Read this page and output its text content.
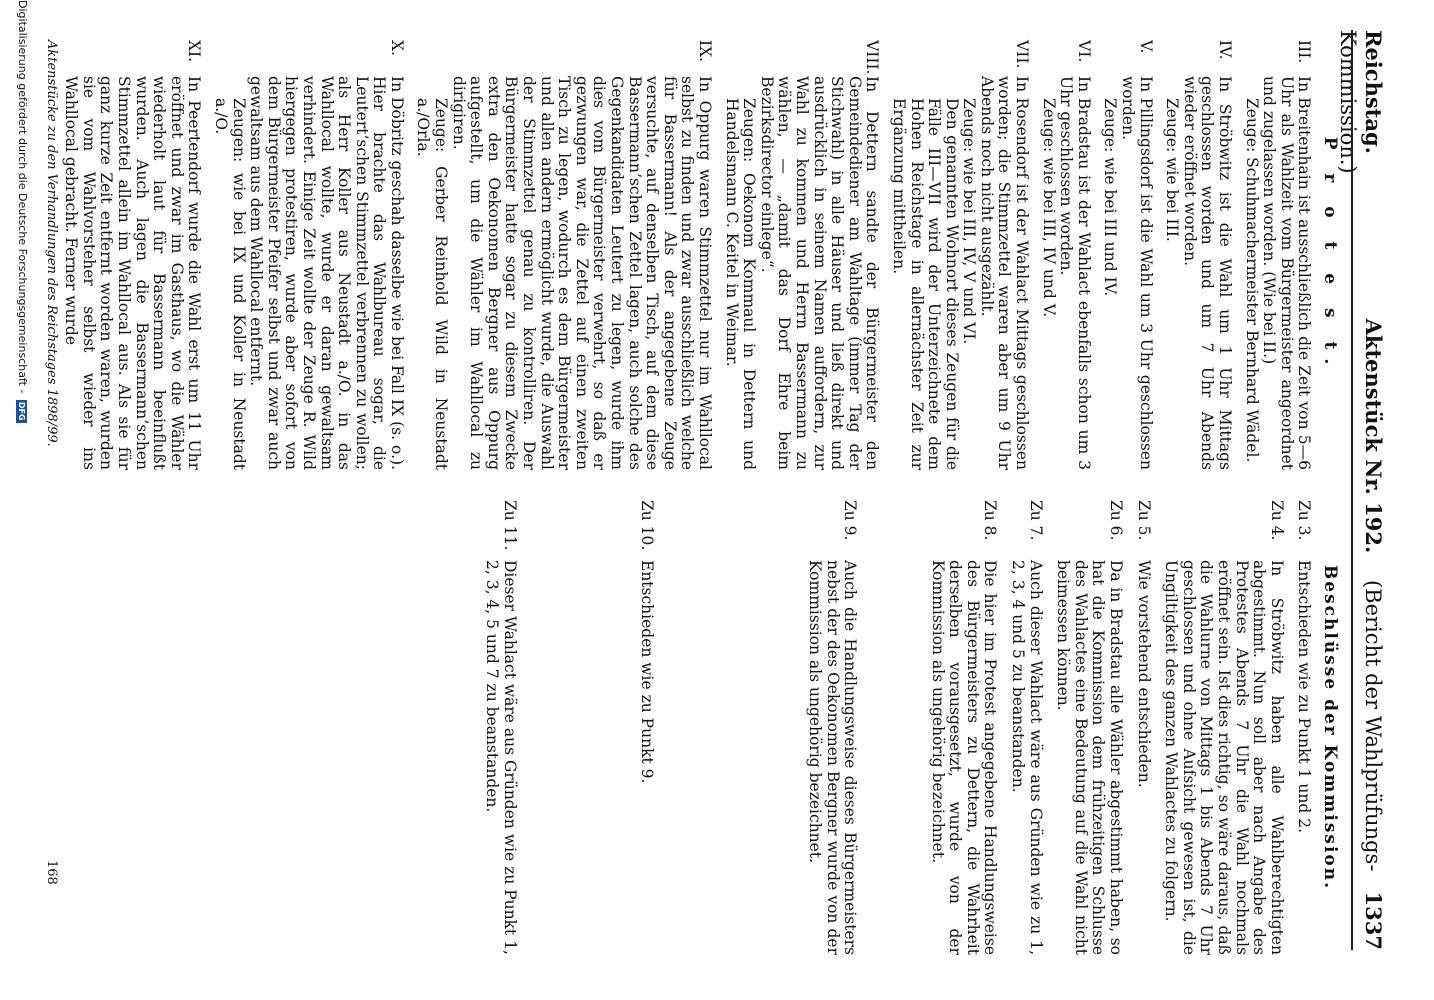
Reichstag.  Aktenstück Nr. 192.  (Bericht der Wahlprüfungs-Kommission.)
1337
P r o t e s t.
III.
In Breitenhain ist ausschließlich die Zeit von 5—6 Uhr als Wahlzeit vom Bürgermeister angeordnet und zugelassen worden. (Wie bei II.)
Zeuge: Schuhmachermeister Bernhard Wädel.
IV.
In Ströbwitz ist die Wahl um 1 Uhr Mittags geschlossen worden und um 7 Uhr Abends wieder eröffnet worden.
Zeuge: wie bei III.
V.
In Pillingsdorf ist die Wahl um 3 Uhr geschlossen worden.
Zeuge: wie bei III und IV.
VI.
In Bradstau ist der Wahlact ebenfalls schon um 3 Uhr geschlossen worden.
Zeuge: wie bei III, IV und V.
VII.
In Rosendorf ist der Wahlact Mittags geschlossen worden; die Stimmzettel waren aber um 9 Uhr Abends noch nicht ausgezählt.
Zeuge: wie bei III, IV, V und VI.
Den genannten Wohnort dieses Zeugen für die Fälle III—VII wird der Unterzeichnete dem Hohen Reichstage in allernächster Zeit zur Ergänzung mittheilen.
VIII.
In Dettern sandte der Bürgermeister den Gemeindediener am Wahltage (immer Tag der Stichwahl) in alle Häuser und ließ direkt und ausdrücklich in seinem Namen auffordern, zur Wahl zu kommen und Herrn Bassermann zu wählen, — „damit das Dorf Ehre beim Bezirksdirector einlege“.
Zeugen: Oekonom Kommaul in Dettern und Handelsmann C. Keitel in Weimar.
IX.
In Oppurg waren Stimmzettel nur im Wahllocal selbst zu finden und zwar ausschließlich welche für Bassermann! Als der angegebene Zeuge versuchte, auf denselben Tisch, auf dem diese Bassermann’schen Zettel lagen, auch solche des Gegenkandidaten Leutert zu legen, wurde ihm dies vom Bürgermeister verwehrt, so daß er gezwungen war, die Zettel auf einen zweiten Tisch zu legen, wodurch es dem Bürgermeister und allen andern ermöglicht wurde, die Auswahl der Stimmzettel genau zu kontrolliren. Der Bürgermeister hatte sogar zu diesem Zwecke extra den Oekonomen Bergner aus Oppurg aufgestellt, um die Wähler im Wahllocal zu dirigiren.
Zeuge: Gerber Reinhold Wild in Neustadt a./Orla.
X.
In Döbritz geschah dasselbe wie bei Fall IX (s. o.). Hier brachte das Wahlbureau sogar, die Leutert’schen Stimmzettel verbrennen zu wollen; als Herr Koller aus Neustadt a./O. in das Wahllocal wollte, wurde er daran gewaltsam verhindert. Einige Zeit wollte der Zeuge R. Wild hiergegen protestiren, wurde aber sofort von dem Bürgermeister Pfeifer selbst und zwar auch gewaltsam aus dem Wahllocal entfernt.
Zeugen: wie bei IX und Koller in Neustadt a./O.
XI.
In Peertendorf wurde die Wahl erst um 11 Uhr eröffnet und zwar im Gasthaus, wo die Wähler wiederholt laut für Bassermann beeinflußt wurden. Auch lagen die Bassermann’schen Stimmzettel allein im Wahllocal aus. Als sie für ganz kurze Zeit entfernt worden waren, wurden sie vom Wahlvorsteher selbst wieder ins Wahllocal gebracht. Ferner wurde
Beschlüsse der Kommission.
Zu 3.
Entschieden wie zu Punkt 1 und 2.
Zu 4.
In Ströbwitz haben alle Wahlberechtigten abgestimmt. Nun soll aber nach Angabe des Protestes Abends 7 Uhr die Wahl nochmals eröffnet sein. Ist dies richtig, so wäre daraus, daß die Wahlurne von Mittags 1 bis Abends 7 Uhr geschlossen und ohne Aufsicht gewesen ist, die Ungiltigkeit des ganzen Wahlactes zu folgern.
Zu 5.
Wie vorstehend entschieden.
Zu 6.
Da in Bradstau alle Wähler abgestimmt haben, so hat die Kommission dem frühzeitigen Schlusse des Wahlactes eine Bedeutung auf die Wahl nicht beimessen können.
Zu 7.
Auch dieser Wahlact wäre aus Gründen wie zu 1, 2, 3, 4 und 5 zu beanstanden.
Zu 8.
Die hier im Protest angegebene Handlungsweise des Bürgermeisters zu Dettern, die Wahrheit derselben vorausgesetzt, wurde von der Kommission als ungehörig bezeichnet.
Zu 9.
Auch die Handlungsweise dieses Bürgermeisters nebst der des Oekonomen Bergner wurde von der Kommission als ungehörig bezeichnet.
Zu 10.
Entschieden wie zu Punkt 9.
Zu 11.
Dieser Wahlact wäre aus Gründen wie zu Punkt 1, 2, 3, 4, 5 und 7 zu beanstanden.
Aktenstücke zu den Verhandlungen des Reichstages 1898/99.
168
Digitalisierung gefördert durch die Deutsche Forschungsgemeinschaft - DFG
